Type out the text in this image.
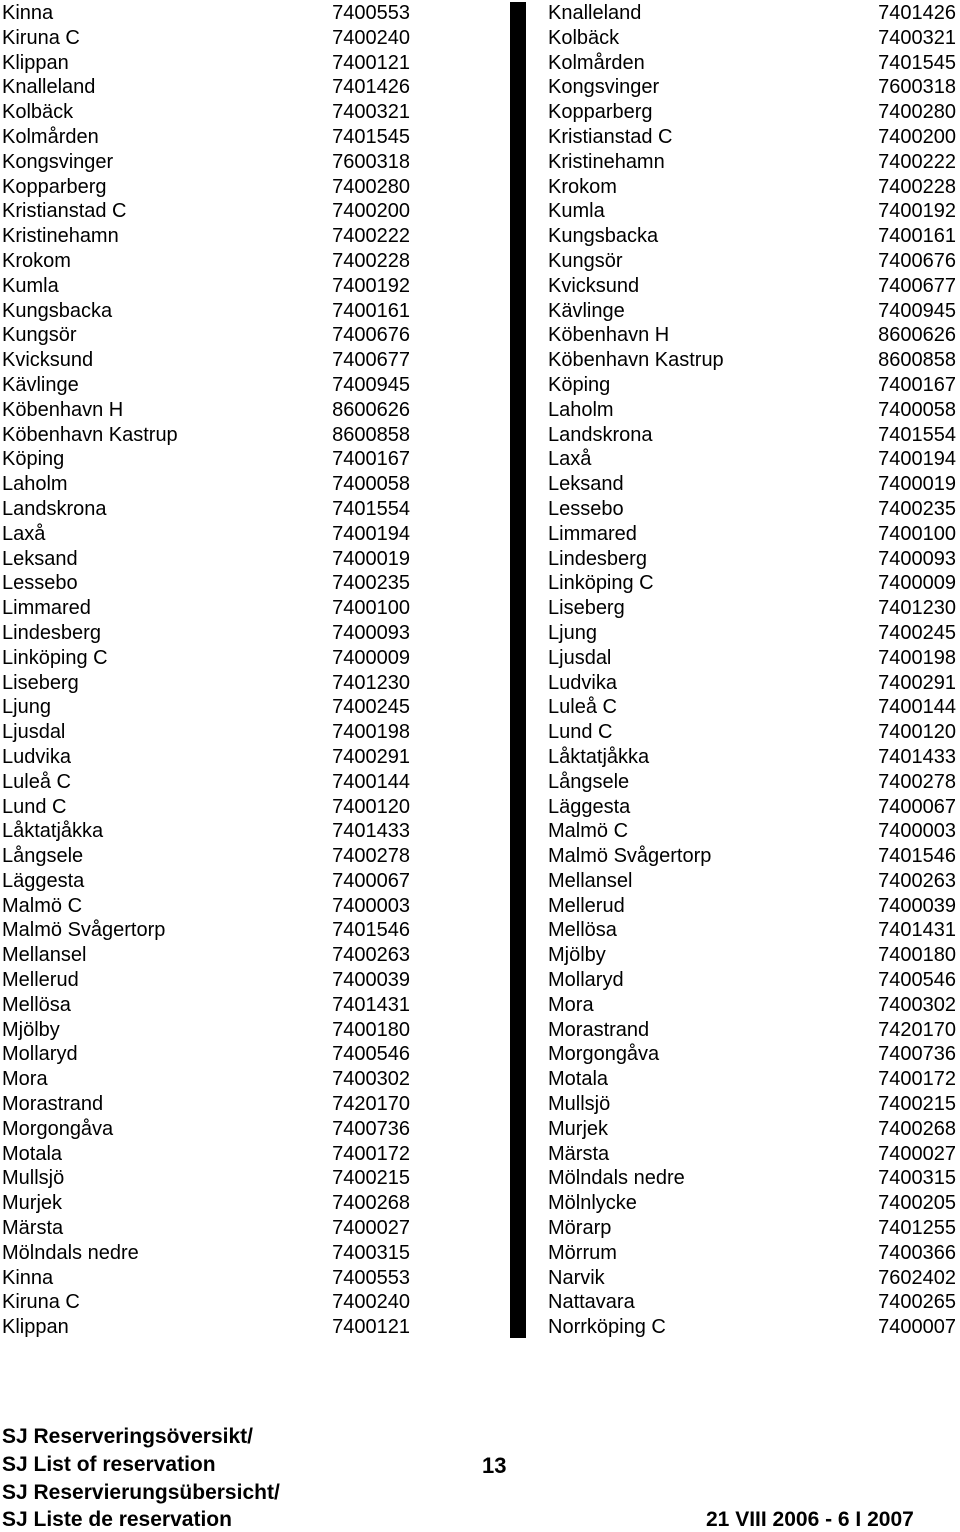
Kinna	7400553
Kiruna C	7400240
Klippan	7400121
Knalleland	7401426
Kolbäck	7400321
Kolmården	7401545
Kongsvinger	7600318
Kopparberg	7400280
Kristianstad C	7400200
Kristinehamn	7400222
Krokom	7400228
Kumla	7400192
Kungsbacka	7400161
Kungsör	7400676
Kvicksund	7400677
Kävlinge	7400945
Köbenhavn H	8600626
Köbenhavn Kastrup	8600858
Köping	7400167
Laholm	7400058
Landskrona	7401554
Laxå	7400194
Leksand	7400019
Lessebo	7400235
Limmared	7400100
Lindesberg	7400093
Linköping C	7400009
Liseberg	7401230
Ljung	7400245
Ljusdal	7400198
Ludvika	7400291
Luleå C	7400144
Lund C	7400120
Låktatjåkka	7401433
Långsele	7400278
Läggesta	7400067
Malmö C	7400003
Malmö Svågertorp	7401546
Mellansel	7400263
Mellerud	7400039
Mellösa	7401431
Mjölby	7400180
Mollaryd	7400546
Mora	7400302
Morastrand	7420170
Morgongåva	7400736
Motala	7400172
Mullsjö	7400215
Murjek	7400268
Märsta	7400027
Mölndals nedre	7400315
Kinna	7400553
Kiruna C	7400240
Klippan	7400121
Knalleland	7401426
Kolbäck	7400321
Kolmården	7401545
Kongsvinger	7600318
Kopparberg	7400280
Kristianstad C	7400200
Kristinehamn	7400222
Krokom	7400228
Kumla	7400192
Kungsbacka	7400161
Kungsör	7400676
Kvicksund	7400677
Kävlinge	7400945
Köbenhavn H	8600626
Köbenhavn Kastrup	8600858
Köping	7400167
Laholm	7400058
Landskrona	7401554
Laxå	7400194
Leksand	7400019
Lessebo	7400235
Limmared	7400100
Lindesberg	7400093
Linköping C	7400009
Liseberg	7401230
Ljung	7400245
Ljusdal	7400198
Ludvika	7400291
Luleå C	7400144
Lund C	7400120
Låktatjåkka	7401433
Långsele	7400278
Läggesta	7400067
Malmö C	7400003
Malmö Svågertorp	7401546
Mellansel	7400263
Mellerud	7400039
Mellösa	7401431
Mjölby	7400180
Mollaryd	7400546
Mora	7400302
Morastrand	7420170
Morgongåva	7400736
Motala	7400172
Mullsjö	7400215
Murjek	7400268
Märsta	7400027
Mölndals nedre	7400315
Mölnlycke	7400205
Mörarp	7401255
Mörrum	7400366
Narvik	7602402
Nattavara	7400265
Norrköping C	7400007
SJ Reserveringsöversikt/
SJ List of reservation
SJ Reservierungsübersicht/
SJ Liste de reservation
13
21 VIII 2006 - 6 I 2007
